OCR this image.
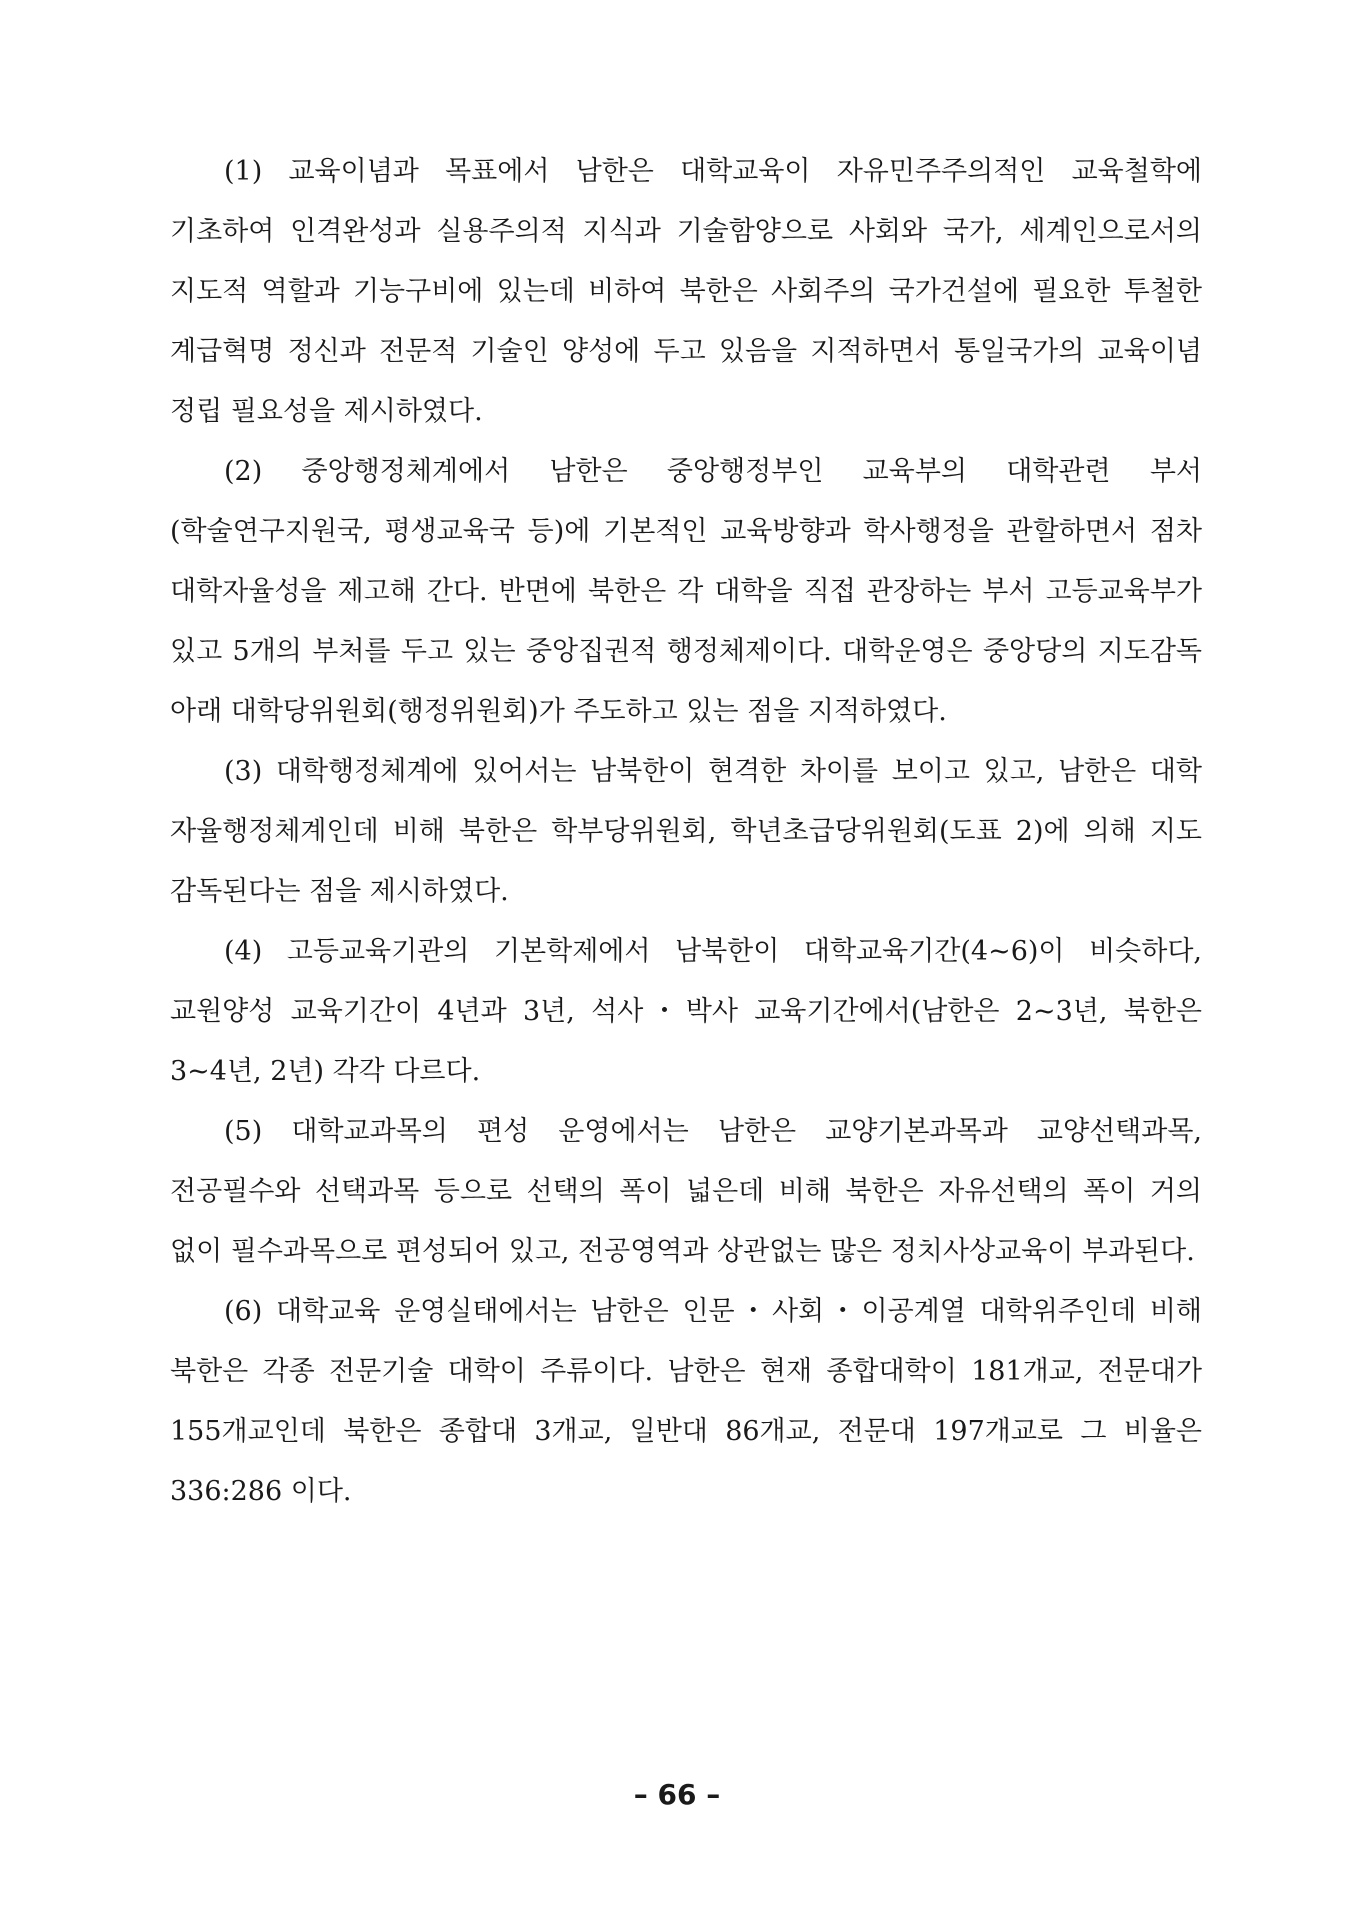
(1) 교육이념과 목표에서 남한은 대학교육이 자유민주주의적인 교육철학에 기초하여 인격완성과 실용주의적 지식과 기술함양으로 사회와 국가, 세계인으로서의 지도적 역할과 기능구비에 있는데 비하여 북한은 사회주의 국가건설에 필요한 투철한 계급혁명 정신과 전문적 기술인 양성에 두고 있음을 지적하면서 통일국가의 교육이념 정립 필요성을 제시하였다.

(2) 중앙행정체계에서 남한은 중앙행정부인 교육부의 대학관련 부서(학술연구지원국, 평생교육국 등)에 기본적인 교육방향과 학사행정을 관할하면서 점차 대학자율성을 제고해 간다. 반면에 북한은 각 대학을 직접 관장하는 부서 고등교육부가 있고 5개의 부처를 두고 있는 중앙집권적 행정체제이다. 대학운영은 중앙당의 지도감독 아래 대학당위원회(행정위원회)가 주도하고 있는 점을 지적하였다.

(3) 대학행정체계에 있어서는 남북한이 현격한 차이를 보이고 있고, 남한은 대학 자율행정체계인데 비해 북한은 학부당위원회, 학년초급당위원회(도표 2)에 의해 지도 감독된다는 점을 제시하였다.

(4) 고등교육기관의 기본학제에서 남북한이 대학교육기간(4~6)이 비슷하다, 교원양성 교육기간이 4년과 3년, 석사・박사 교육기간에서(남한은 2~3년, 북한은 3~4년, 2년) 각각 다르다.

(5) 대학교과목의 편성 운영에서는 남한은 교양기본과목과 교양선택과목, 전공필수와 선택과목 등으로 선택의 폭이 넓은데 비해 북한은 자유선택의 폭이 거의 없이 필수과목으로 편성되어 있고, 전공영역과 상관없는 많은 정치사상교육이 부과된다.

(6) 대학교육 운영실태에서는 남한은 인문・사회・이공계열 대학위주인데 비해 북한은 각종 전문기술 대학이 주류이다. 남한은 현재 종합대학이 181개교, 전문대가 155개교인데 북한은 종합대 3개교, 일반대 86개교, 전문대 197개교로 그 비율은 336:286 이다.

– 66 –
